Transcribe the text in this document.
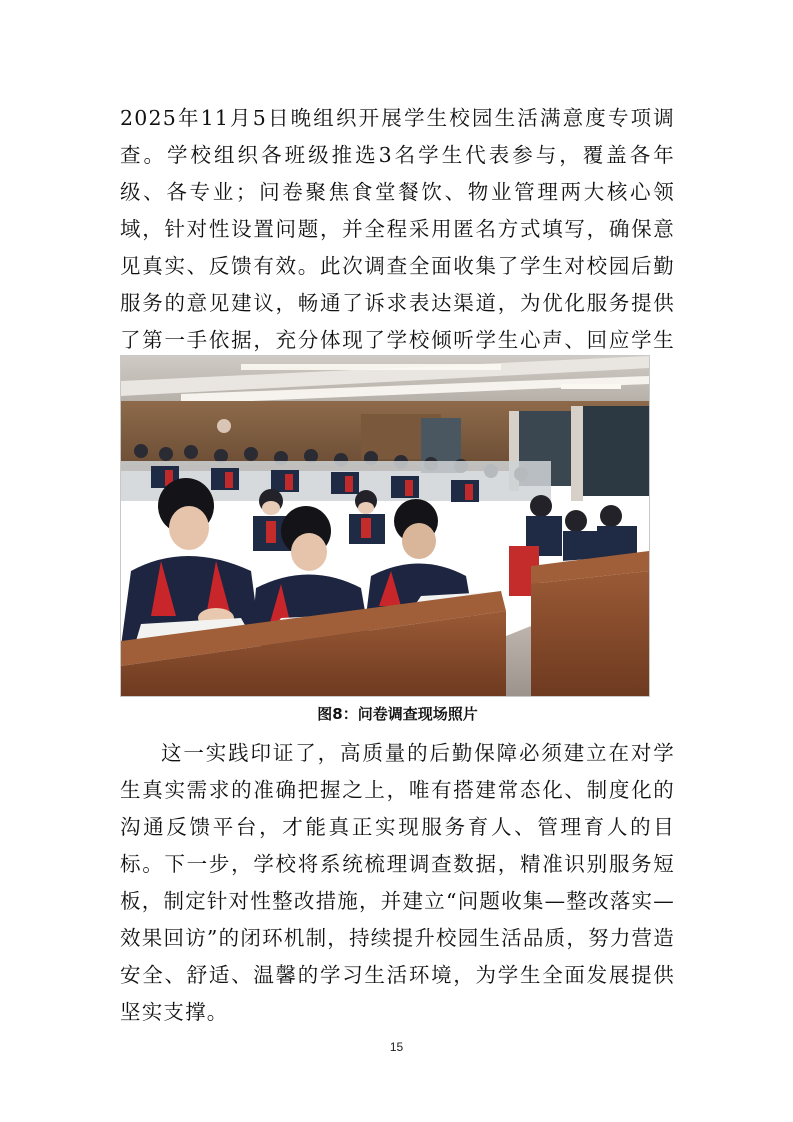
2025年11月5日晚组织开展学生校园生活满意度专项调查。学校组织各班级推选3名学生代表参与，覆盖各年级、各专业；问卷聚焦食堂餐饮、物业管理两大核心领域，针对性设置问题，并全程采用匿名方式填写，确保意见真实、反馈有效。此次调查全面收集了学生对校园后勤服务的意见建议，畅通了诉求表达渠道，为优化服务提供了第一手依据，充分体现了学校倾听学生心声、回应学生

图8：问卷调查现场照片

这一实践印证了，高质量的后勤保障必须建立在对学生真实需求的准确把握之上，唯有搭建常态化、制度化的沟通反馈平台，才能真正实现服务育人、管理育人的目标。下一步，学校将系统梳理调查数据，精准识别服务短板，制定针对性整改措施，并建立“问题收集—整改落实—效果回访”的闭环机制，持续提升校园生活品质，努力营造安全、舒适、温馨的学习生活环境，为学生全面发展提供坚实支撑。

15
